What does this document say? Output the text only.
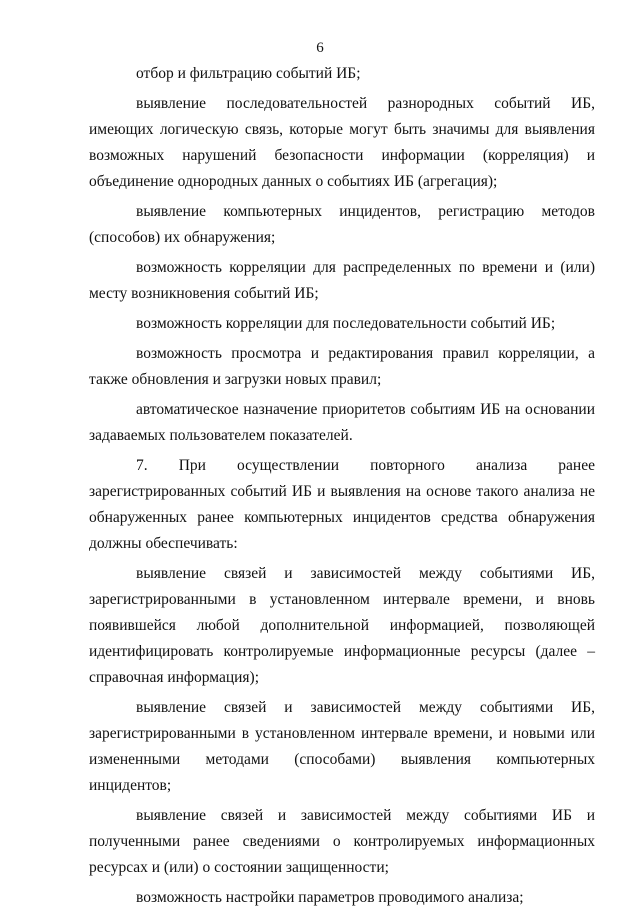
6

отбор и фильтрацию событий ИБ;

выявление последовательностей разнородных событий ИБ, имеющих логическую связь, которые могут быть значимы для выявления возможных нарушений безопасности информации (корреляция) и объединение однородных данных о событиях ИБ (агрегация);

выявление компьютерных инцидентов, регистрацию методов (способов) их обнаружения;

возможность корреляции для распределенных по времени и (или) месту возникновения событий ИБ;

возможность корреляции для последовательности событий ИБ;

возможность просмотра и редактирования правил корреляции, а также обновления и загрузки новых правил;

автоматическое назначение приоритетов событиям ИБ на основании задаваемых пользователем показателей.

7. При осуществлении повторного анализа ранее зарегистрированных событий ИБ и выявления на основе такого анализа не обнаруженных ранее компьютерных инцидентов средства обнаружения должны обеспечивать:

выявление связей и зависимостей между событиями ИБ, зарегистрированными в установленном интервале времени, и вновь появившейся любой дополнительной информацией, позволяющей идентифицировать контролируемые информационные ресурсы (далее – справочная информация);

выявление связей и зависимостей между событиями ИБ, зарегистрированными в установленном интервале времени, и новыми или измененными методами (способами) выявления компьютерных инцидентов;

выявление связей и зависимостей между событиями ИБ и полученными ранее сведениями о контролируемых информационных ресурсах и (или) о состоянии защищенности;

возможность настройки параметров проводимого анализа;
